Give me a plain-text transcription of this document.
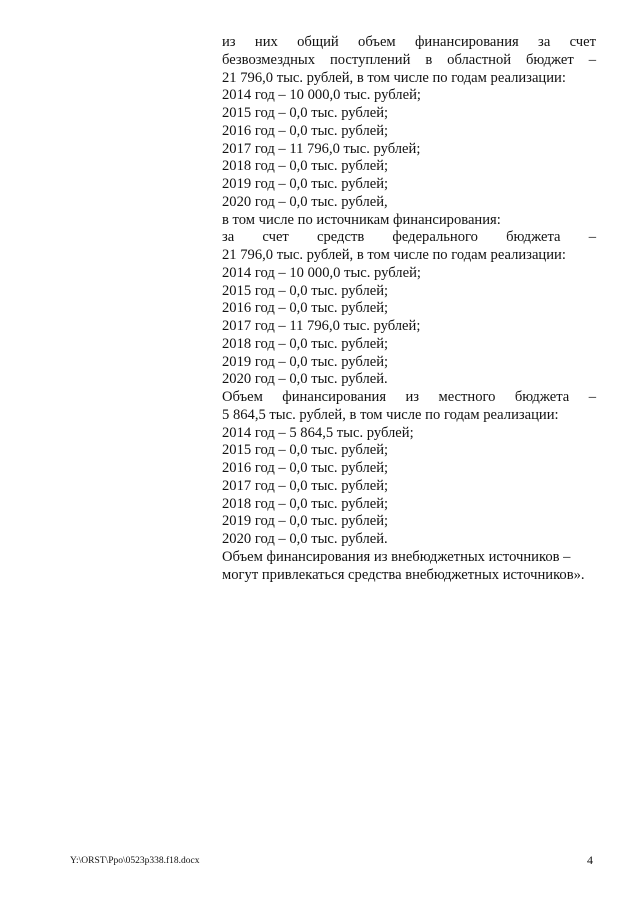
из них общий объем финансирования за счет
безвозмездных поступлений в областной бюджет –
21 796,0 тыс. рублей, в том числе по годам реализации:
2014 год – 10 000,0 тыс. рублей;
2015 год – 0,0 тыс. рублей;
2016 год – 0,0 тыс. рублей;
2017 год – 11 796,0 тыс. рублей;
2018 год – 0,0 тыс. рублей;
2019 год – 0,0 тыс. рублей;
2020 год – 0,0 тыс. рублей,
в том числе по источникам финансирования:
за счет средств федерального бюджета –
21 796,0 тыс. рублей, в том числе по годам реализации:
2014 год – 10 000,0 тыс. рублей;
2015 год – 0,0 тыс. рублей;
2016 год – 0,0 тыс. рублей;
2017 год – 11 796,0 тыс. рублей;
2018 год – 0,0 тыс. рублей;
2019 год – 0,0 тыс. рублей;
2020 год – 0,0 тыс. рублей.
Объем финансирования из местного бюджета –
5 864,5 тыс. рублей, в том числе по годам реализации:
2014 год – 5 864,5 тыс. рублей;
2015 год – 0,0 тыс. рублей;
2016 год – 0,0 тыс. рублей;
2017 год – 0,0 тыс. рублей;
2018 год – 0,0 тыс. рублей;
2019 год – 0,0 тыс. рублей;
2020 год – 0,0 тыс. рублей.
Объем финансирования из внебюджетных источников –
могут привлекаться средства внебюджетных источников».
Y:\ORST\Ppo\0523p338.f18.docx	4
